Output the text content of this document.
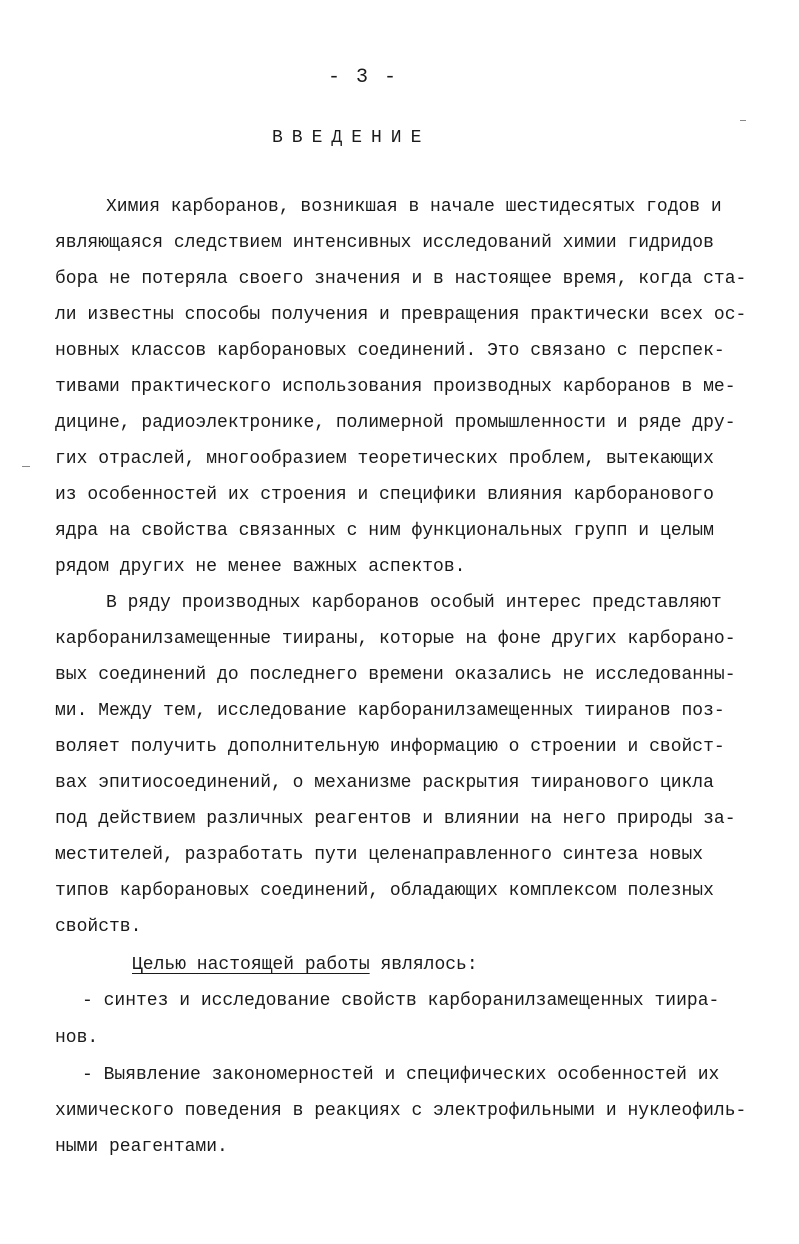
- 3 -
ВВЕДЕНИЕ
Химия карборанов, возникшая в начале шестидесятых годов и
являющаяся следствием интенсивных исследований химии гидридов
бора не потеряла своего значения и в настоящее время, когда ста-
ли известны способы получения и превращения практически всех ос-
новных классов карборановых соединений. Это связано с перспек-
тивами практического использования производных карборанов в ме-
дицине, радиоэлектронике, полимерной промышленности и ряде дру-
гих отраслей, многообразием теоретических проблем, вытекающих
из особенностей их строения и специфики влияния карборанового
ядра на свойства связанных с ним функциональных групп и целым
рядом других не менее важных аспектов.
В ряду производных карборанов особый интерес представляют
карборанилзамещенные тиираны, которые на фоне других карборано-
вых соединений до последнего времени оказались не исследованны-
ми. Между тем, исследование карборанилзамещенных тииранов поз-
воляет получить дополнительную информацию о строении и свойст-
вах эпитиосоединений, о механизме раскрытия тииранового цикла
под действием различных реагентов и влиянии на него природы за-
местителей, разработать пути целенаправленного синтеза новых
типов карборановых соединений, обладающих комплексом полезных
свойств.
Целью настоящей работы являлось:
- синтез и исследование свойств карборанилзамещенных тиира-
нов.
- Выявление закономерностей и специфических особенностей их
химического поведения в реакциях с электрофильными и нуклеофиль-
ными реагентами.
